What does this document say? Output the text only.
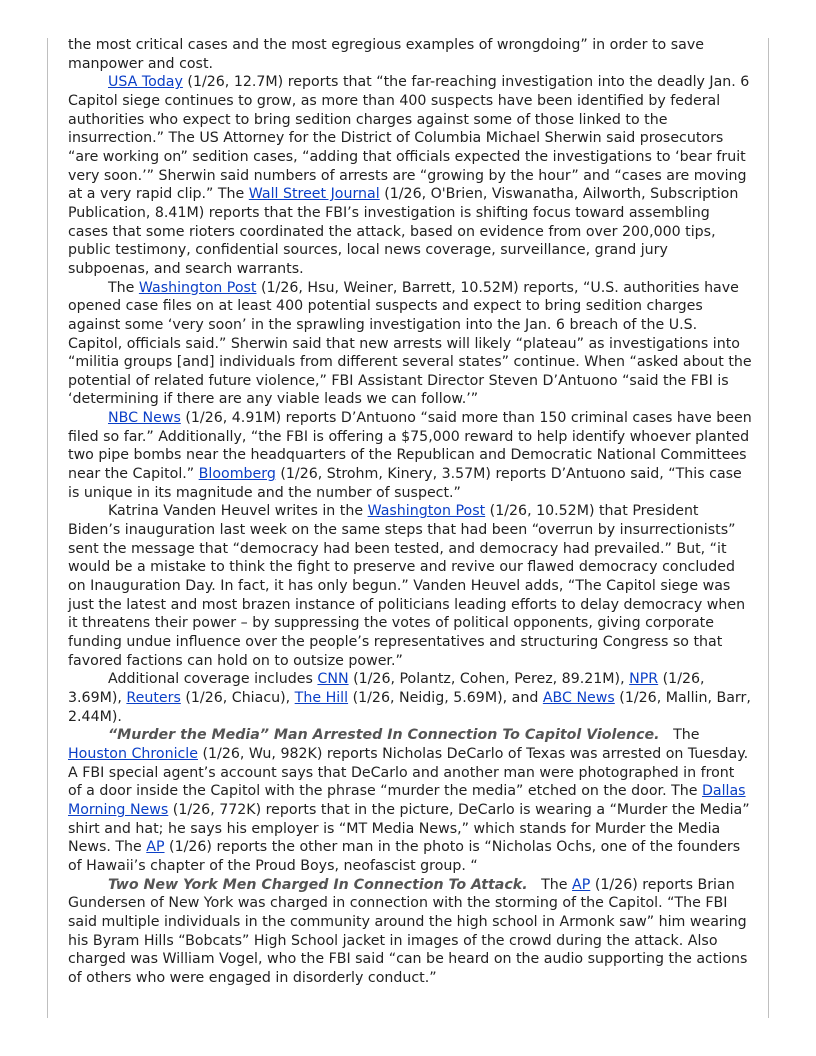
the most critical cases and the most egregious examples of wrongdoing” in order to save manpower and cost.

USA Today (1/26, 12.7M) reports that “the far-reaching investigation into the deadly Jan. 6 Capitol siege continues to grow, as more than 400 suspects have been identified by federal authorities who expect to bring sedition charges against some of those linked to the insurrection.” The US Attorney for the District of Columbia Michael Sherwin said prosecutors “are working on” sedition cases, “adding that officials expected the investigations to ‘bear fruit very soon.’” Sherwin said numbers of arrests are “growing by the hour” and “cases are moving at a very rapid clip.” The Wall Street Journal (1/26, O'Brien, Viswanatha, Ailworth, Subscription Publication, 8.41M) reports that the FBI’s investigation is shifting focus toward assembling cases that some rioters coordinated the attack, based on evidence from over 200,000 tips, public testimony, confidential sources, local news coverage, surveillance, grand jury subpoenas, and search warrants.

The Washington Post (1/26, Hsu, Weiner, Barrett, 10.52M) reports, “U.S. authorities have opened case files on at least 400 potential suspects and expect to bring sedition charges against some ‘very soon’ in the sprawling investigation into the Jan. 6 breach of the U.S. Capitol, officials said.” Sherwin said that new arrests will likely “plateau” as investigations into “militia groups [and] individuals from different several states” continue. When “asked about the potential of related future violence,” FBI Assistant Director Steven D’Antuono “said the FBI is ‘determining if there are any viable leads we can follow.’”

NBC News (1/26, 4.91M) reports D’Antuono “said more than 150 criminal cases have been filed so far.” Additionally, “the FBI is offering a $75,000 reward to help identify whoever planted two pipe bombs near the headquarters of the Republican and Democratic National Committees near the Capitol.” Bloomberg (1/26, Strohm, Kinery, 3.57M) reports D’Antuono said, “This case is unique in its magnitude and the number of suspect.”

Katrina Vanden Heuvel writes in the Washington Post (1/26, 10.52M) that President Biden’s inauguration last week on the same steps that had been “overrun by insurrectionists” sent the message that “democracy had been tested, and democracy had prevailed.” But, “it would be a mistake to think the fight to preserve and revive our flawed democracy concluded on Inauguration Day. In fact, it has only begun.” Vanden Heuvel adds, “The Capitol siege was just the latest and most brazen instance of politicians leading efforts to delay democracy when it threatens their power – by suppressing the votes of political opponents, giving corporate funding undue influence over the people’s representatives and structuring Congress so that favored factions can hold on to outsize power.”

Additional coverage includes CNN (1/26, Polantz, Cohen, Perez, 89.21M), NPR (1/26, 3.69M), Reuters (1/26, Chiacu), The Hill (1/26, Neidig, 5.69M), and ABC News (1/26, Mallin, Barr, 2.44M).

“Murder the Media” Man Arrested In Connection To Capitol Violence.   The Houston Chronicle (1/26, Wu, 982K) reports Nicholas DeCarlo of Texas was arrested on Tuesday. A FBI special agent’s account says that DeCarlo and another man were photographed in front of a door inside the Capitol with the phrase “murder the media” etched on the door. The Dallas Morning News (1/26, 772K) reports that in the picture, DeCarlo is wearing a “Murder the Media” shirt and hat; he says his employer is “MT Media News,” which stands for Murder the Media News. The AP (1/26) reports the other man in the photo is “Nicholas Ochs, one of the founders of Hawaii’s chapter of the Proud Boys, neofascist group. “

Two New York Men Charged In Connection To Attack.   The AP (1/26) reports Brian Gundersen of New York was charged in connection with the storming of the Capitol. “The FBI said multiple individuals in the community around the high school in Armonk saw” him wearing his Byram Hills “Bobcats” High School jacket in images of the crowd during the attack. Also charged was William Vogel, who the FBI said “can be heard on the audio supporting the actions of others who were engaged in disorderly conduct.”
